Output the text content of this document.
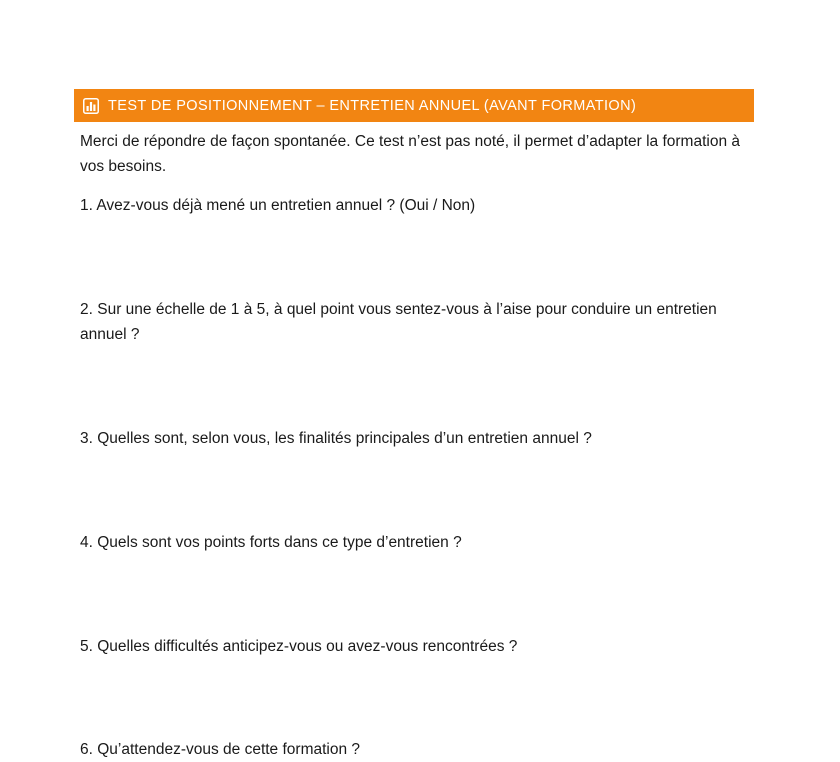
TEST DE POSITIONNEMENT – ENTRETIEN ANNUEL (AVANT FORMATION)

Merci de répondre de façon spontanée. Ce test n’est pas noté, il permet d’adapter la formation à vos besoins.

1. Avez-vous déjà mené un entretien annuel ? (Oui / Non)

2. Sur une échelle de 1 à 5, à quel point vous sentez-vous à l’aise pour conduire un entretien annuel ?

3. Quelles sont, selon vous, les finalités principales d’un entretien annuel ?

4. Quels sont vos points forts dans ce type d’entretien ?

5. Quelles difficultés anticipez-vous ou avez-vous rencontrées ?

6. Qu’attendez-vous de cette formation ?
